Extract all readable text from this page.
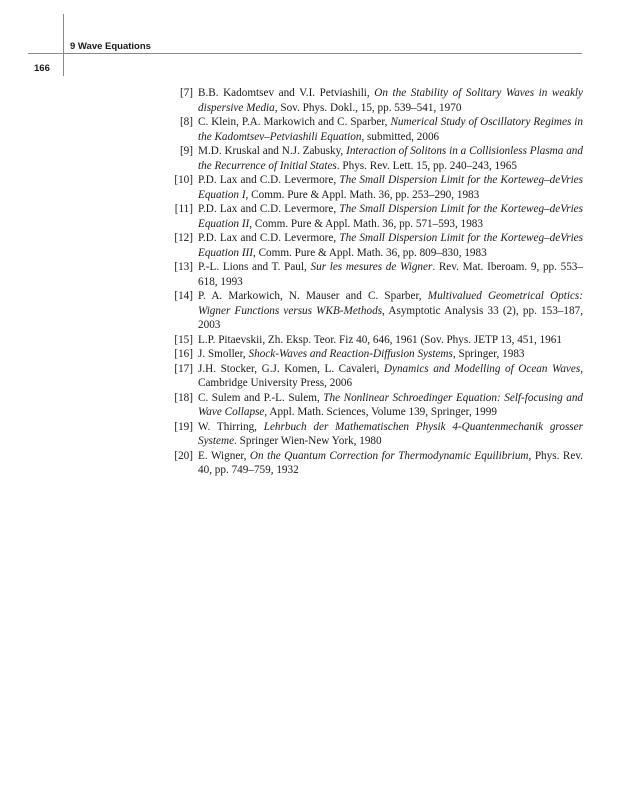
9 Wave Equations
166
[7] B.B. Kadomtsev and V.I. Petviashili, On the Stability of Solitary Waves in weakly dispersive Media, Sov. Phys. Dokl., 15, pp. 539–541, 1970
[8] C. Klein, P.A. Markowich and C. Sparber, Numerical Study of Oscillatory Regimes in the Kadomtsev–Petviashili Equation, submitted, 2006
[9] M.D. Kruskal and N.J. Zabusky, Interaction of Solitons in a Collisionless Plasma and the Recurrence of Initial States. Phys. Rev. Lett. 15, pp. 240–243, 1965
[10] P.D. Lax and C.D. Levermore, The Small Dispersion Limit for the Korteweg–deVries Equation I, Comm. Pure & Appl. Math. 36, pp. 253–290, 1983
[11] P.D. Lax and C.D. Levermore, The Small Dispersion Limit for the Korteweg–deVries Equation II, Comm. Pure & Appl. Math. 36, pp. 571–593, 1983
[12] P.D. Lax and C.D. Levermore, The Small Dispersion Limit for the Korteweg–deVries Equation III, Comm. Pure & Appl. Math. 36, pp. 809–830, 1983
[13] P.-L. Lions and T. Paul, Sur les mesures de Wigner. Rev. Mat. Iberoam. 9, pp. 553–618, 1993
[14] P. A. Markowich, N. Mauser and C. Sparber, Multivalued Geometrical Optics: Wigner Functions versus WKB-Methods, Asymptotic Analysis 33 (2), pp. 153–187, 2003
[15] L.P. Pitaevskii, Zh. Eksp. Teor. Fiz 40, 646, 1961 (Sov. Phys. JETP 13, 451, 1961
[16] J. Smoller, Shock-Waves and Reaction-Diffusion Systems, Springer, 1983
[17] J.H. Stocker, G.J. Komen, L. Cavaleri, Dynamics and Modelling of Ocean Waves, Cambridge University Press, 2006
[18] C. Sulem and P.-L. Sulem, The Nonlinear Schroedinger Equation: Self-focusing and Wave Collapse, Appl. Math. Sciences, Volume 139, Springer, 1999
[19] W. Thirring, Lehrbuch der Mathematischen Physik 4-Quantenmechanik grosser Systeme. Springer Wien-New York, 1980
[20] E. Wigner, On the Quantum Correction for Thermodynamic Equilibrium, Phys. Rev. 40, pp. 749–759, 1932
